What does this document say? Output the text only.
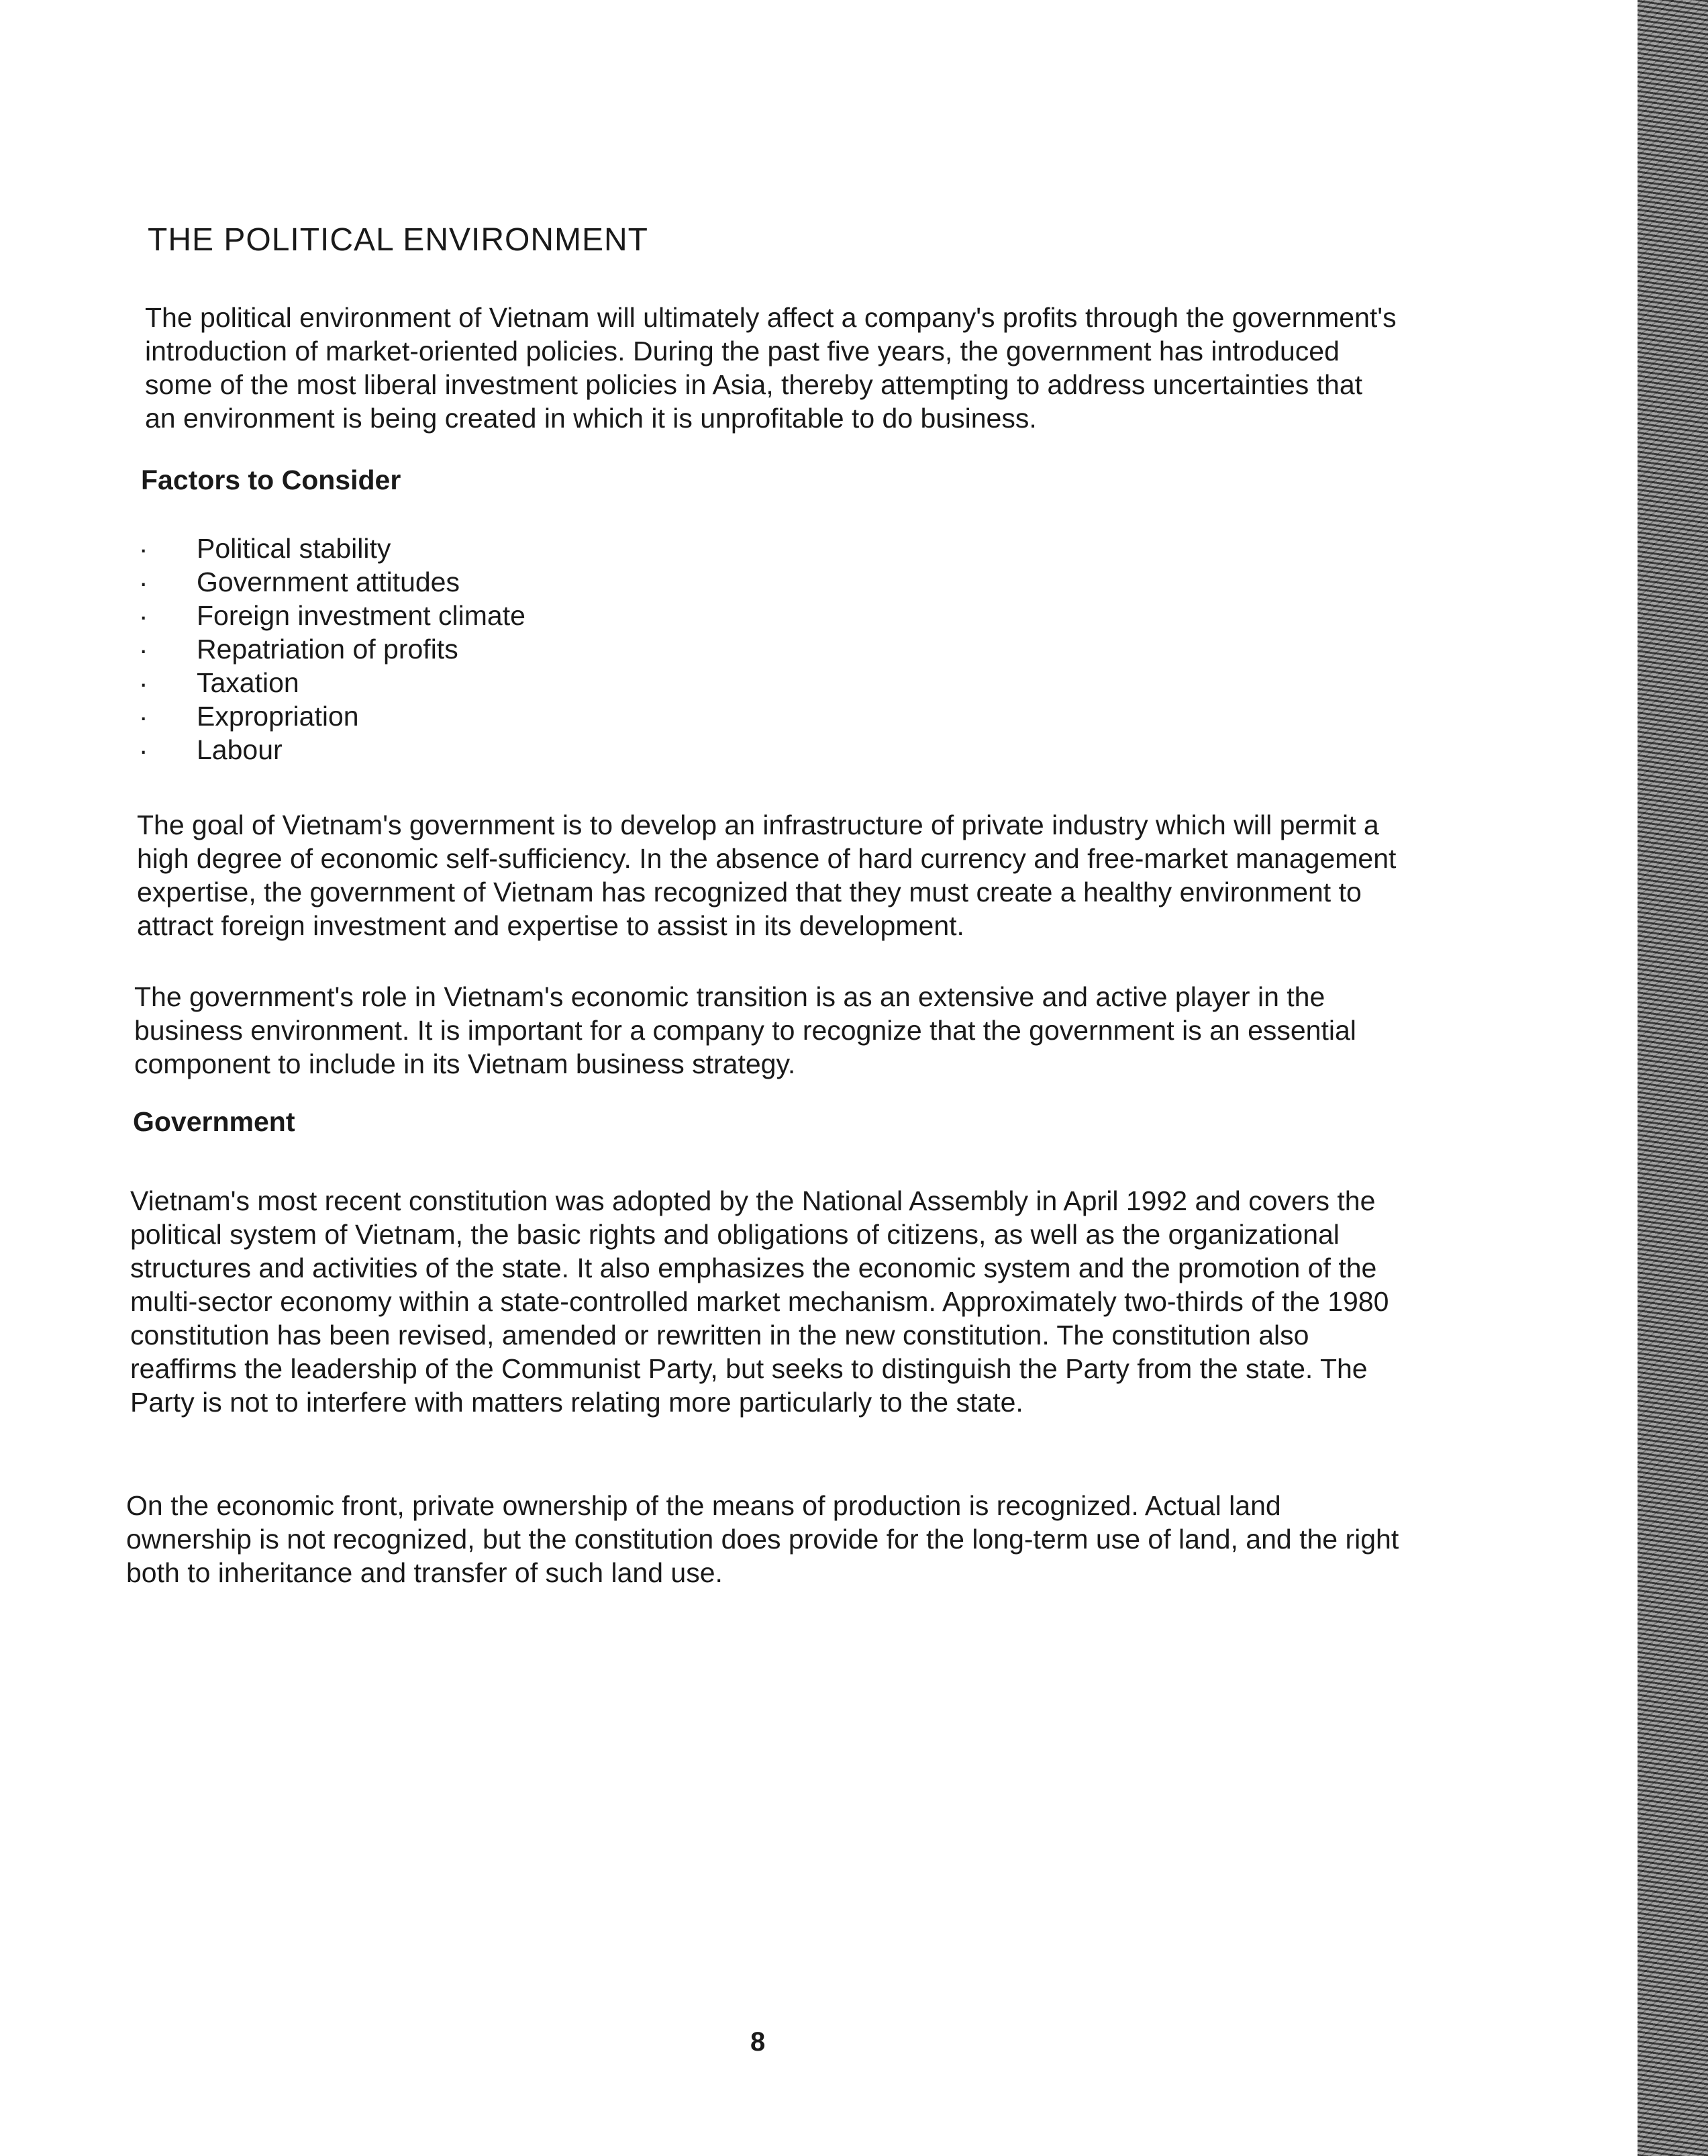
THE POLITICAL ENVIRONMENT

The political environment of Vietnam will ultimately affect a company's profits through the government's introduction of market-oriented policies. During the past five years, the government has introduced some of the most liberal investment policies in Asia, thereby attempting to address uncertainties that an environment is being created in which it is unprofitable to do business.

Factors to Consider
. Political stability
. Government attitudes
. Foreign investment climate
. Repatriation of profits
. Taxation
. Expropriation
. Labour

The goal of Vietnam's government is to develop an infrastructure of private industry which will permit a high degree of economic self-sufficiency. In the absence of hard currency and free-market management expertise, the government of Vietnam has recognized that they must create a healthy environment to attract foreign investment and expertise to assist in its development.

The government's role in Vietnam's economic transition is as an extensive and active player in the business environment. It is important for a company to recognize that the government is an essential component to include in its Vietnam business strategy.

Government

Vietnam's most recent constitution was adopted by the National Assembly in April 1992 and covers the political system of Vietnam, the basic rights and obligations of citizens, as well as the organizational structures and activities of the state. It also emphasizes the economic system and the promotion of the multi-sector economy within a state-controlled market mechanism. Approximately two-thirds of the 1980 constitution has been revised, amended or rewritten in the new constitution. The constitution also reaffirms the leadership of the Communist Party, but seeks to distinguish the Party from the state. The Party is not to interfere with matters relating more particularly to the state.

On the economic front, private ownership of the means of production is recognized. Actual land ownership is not recognized, but the constitution does provide for the long-term use of land, and the right both to inheritance and transfer of such land use.

8
